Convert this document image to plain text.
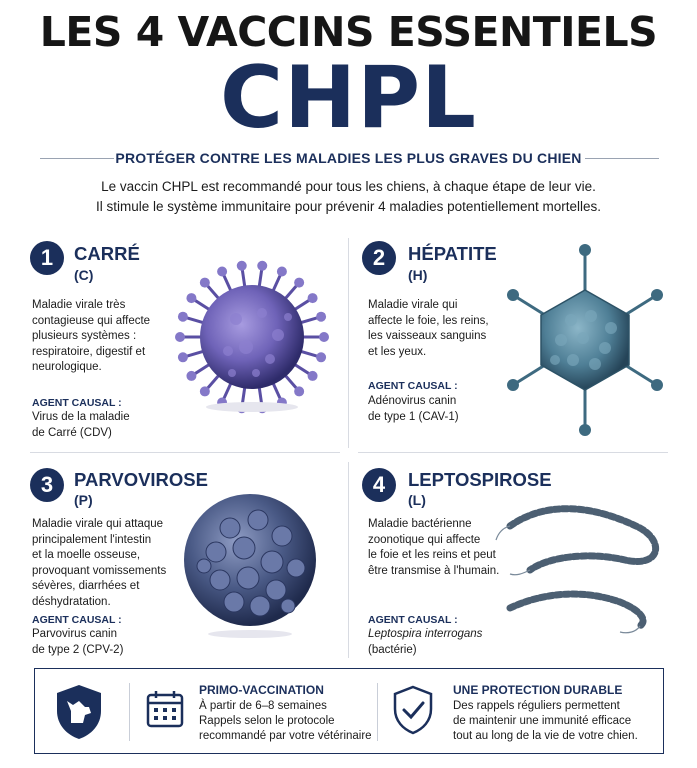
LES 4 VACCINS ESSENTIELS
CHPL
PROTÉGER CONTRE LES MALADIES LES PLUS GRAVES DU CHIEN
Le vaccin CHPL est recommandé pour tous les chiens, à chaque étape de leur vie.
Il stimule le système immunitaire pour prévenir 4 maladies potentiellement mortelles.
1	CARRÉ
(C)
Maladie virale très
contagieuse qui affecte
plusieurs systèmes :
respiratoire, digestif et
neurologique.
AGENT CAUSAL :
Virus de la maladie
de Carré (CDV)
2	HÉPATITE
(H)
Maladie virale qui
affecte le foie, les reins,
les vaisseaux sanguins
et les yeux.
AGENT CAUSAL :
Adénovirus canin
de type 1 (CAV-1)
3	PARVOVIROSE
(P)
Maladie virale qui attaque
principalement l'intestin
et la moelle osseuse,
provoquant vomissements
sévères, diarrhées et
déshydratation.
AGENT CAUSAL :
Parvovirus canin
de type 2 (CPV-2)
4	LEPTOSPIROSE
(L)
Maladie bactérienne
zoonotique qui affecte
le foie et les reins et peut
être transmise à l'humain.
AGENT CAUSAL :
Leptospira interrogans
(bactérie)
PRIMO-VACCINATION
À partir de 6–8 semaines
Rappels selon le protocole
recommandé par votre vétérinaire
UNE PROTECTION DURABLE
Des rappels réguliers permettent
de maintenir une immunité efficace
tout au long de la vie de votre chien.
